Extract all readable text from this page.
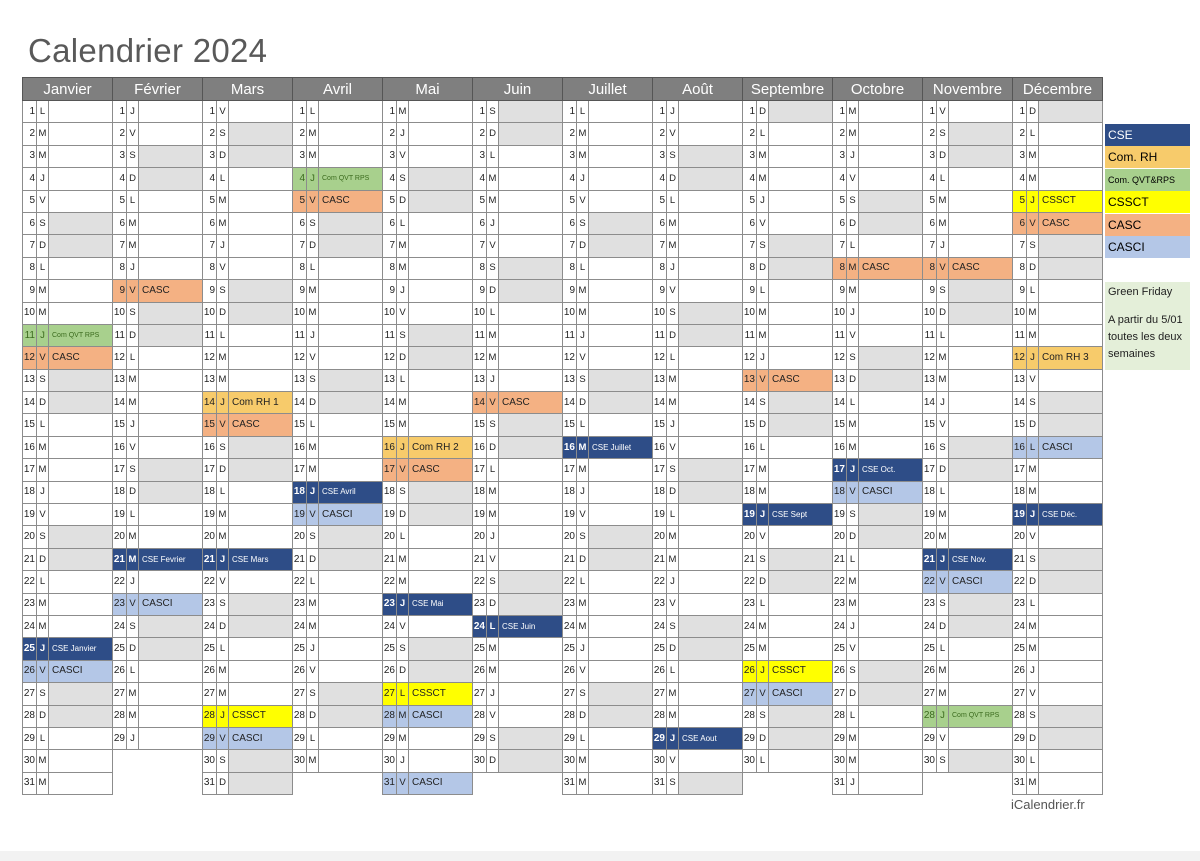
Calendrier 2024
Janvier			Février			Mars			Avril			Mai			Juin			Juillet			Août			Septembre			Octobre			Novembre			Décembre		
1	L		1	J		1	V		1	L		1	M		1	S		1	L		1	J		1	D		1	M		1	V		1	D	
2	M		2	V		2	S		2	M		2	J		2	D		2	M		2	V		2	L		2	M		2	S		2	L	
3	M		3	S		3	D		3	M		3	V		3	L		3	M		3	S		3	M		3	J		3	D		3	M	
4	J		4	D		4	L		4	J	Com QVT RPS	4	S		4	M		4	J		4	D		4	M		4	V		4	L		4	M	
5	V		5	L		5	M		5	V	CASC	5	D		5	M		5	V		5	L		5	J		5	S		5	M		5	J	CSSCT
6	S		6	M		6	M		6	S		6	L		6	J		6	S		6	M		6	V		6	D		6	M		6	V	CASC
7	D		7	M		7	J		7	D		7	M		7	V		7	D		7	M		7	S		7	L		7	J		7	S	
8	L		8	J		8	V		8	L		8	M		8	S		8	L		8	J		8	D		8	M	CASC	8	V	CASC	8	D	
9	M		9	V	CASC	9	S		9	M		9	J		9	D		9	M		9	V		9	L		9	M		9	S		9	L	
10	M		10	S		10	D		10	M		10	V		10	L		10	M		10	S		10	M		10	J		10	D		10	M	
11	J	Com QVT RPS	11	D		11	L		11	J		11	S		11	M		11	J		11	D		11	M		11	V		11	L		11	M	
12	V	CASC	12	L		12	M		12	V		12	D		12	M		12	V		12	L		12	J		12	S		12	M		12	J	Com RH 3
13	S		13	M		13	M		13	S		13	L		13	J		13	S		13	M		13	V	CASC	13	D		13	M		13	V	
14	D		14	M		14	J	Com RH 1	14	D		14	M		14	V	CASC	14	D		14	M		14	S		14	L		14	J		14	S	
15	L		15	J		15	V	CASC	15	L		15	M		15	S		15	L		15	J		15	D		15	M		15	V		15	D	
16	M		16	V		16	S		16	M		16	J	Com RH 2	16	D		16	M	CSE Juillet	16	V		16	L		16	M		16	S		16	L	CASCI
17	M		17	S		17	D		17	M		17	V	CASC	17	L		17	M		17	S		17	M		17	J	CSE Oct.	17	D		17	M	
18	J		18	D		18	L		18	J	CSE Avril	18	S		18	M		18	J		18	D		18	M		18	V	CASCI	18	L		18	M	
19	V		19	L		19	M		19	V	CASCI	19	D		19	M		19	V		19	L		19	J	CSE Sept	19	S		19	M		19	J	CSE Déc.
20	S		20	M		20	M		20	S		20	L		20	J		20	S		20	M		20	V		20	D		20	M		20	V	
21	D		21	M	CSE Fevrier	21	J	CSE Mars	21	D		21	M		21	V		21	D		21	M		21	S		21	L		21	J	CSE Nov.	21	S	
22	L		22	J		22	V		22	L		22	M		22	S		22	L		22	J		22	D		22	M		22	V	CASCI	22	D	
23	M		23	V	CASCI	23	S		23	M		23	J	CSE Mai	23	D		23	M		23	V		23	L		23	M		23	S		23	L	
24	M		24	S		24	D		24	M		24	V		24	L	CSE Juin	24	M		24	S		24	M		24	J		24	D		24	M	
25	J	CSE Janvier	25	D		25	L		25	J		25	S		25	M		25	J		25	D		25	M		25	V		25	L		25	M	
26	V	CASCI	26	L		26	M		26	V		26	D		26	M		26	V		26	L		26	J	CSSCT	26	S		26	M		26	J	
27	S		27	M		27	M		27	S		27	L	CSSCT	27	J		27	S		27	M		27	V	CASCI	27	D		27	M		27	V	
28	D		28	M		28	J	CSSCT	28	D		28	M	CASCI	28	V		28	D		28	M		28	S		28	L		28	J	Com QVT RPS	28	S	
29	L		29	J		29	V	CASCI	29	L		29	M		29	S		29	L		29	J	CSE Aout	29	D		29	M		29	V		29	D	
30	M					30	S		30	M		30	J		30	D		30	M		30	V		30	L		30	M		30	S		30	L	
31	M					31	D					31	V	CASCI				31	M		31	S					31	J					31	M	
CSE
Com. RH
Com. QVT&RPS
CSSCT
CASC
CASCI
Green Friday
A partir du 5/01 toutes les deux semaines
iCalendrier.fr
